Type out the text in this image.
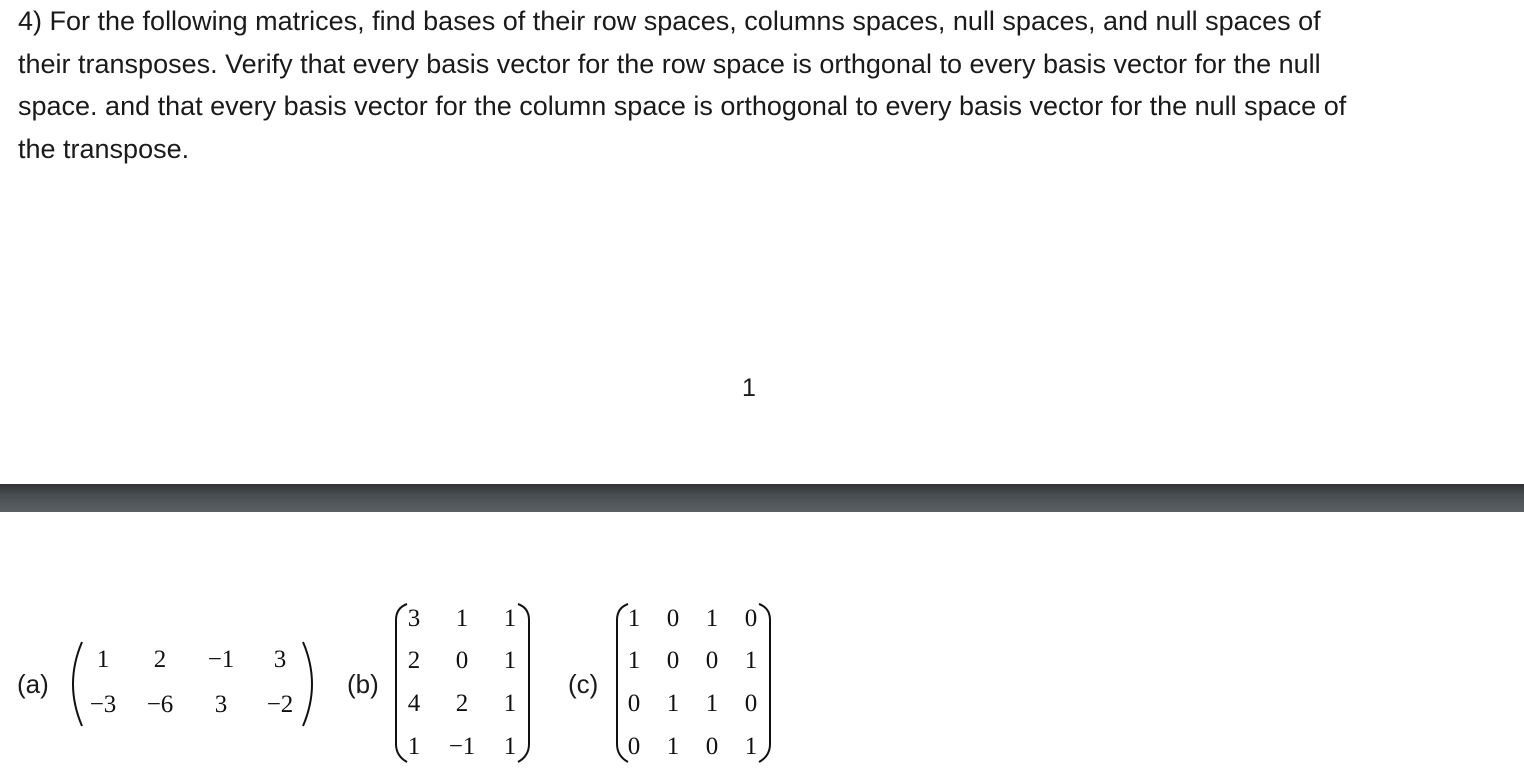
4) For the following matrices, find bases of their row spaces, columns spaces, null spaces, and null spaces of
their transposes. Verify that every basis vector for the row space is orthgonal to every basis vector for the null
space. and that every basis vector for the column space is orthogonal to every basis vector for the null space of
the transpose.

1
(a)
1 2 −1 3
−3 −6 3 −2
(b)
3 1 1
2 0 1
4 2 1
1 −1 1
(c)
1 0 1 0
1 0 0 1
0 1 1 0
0 1 0 1
